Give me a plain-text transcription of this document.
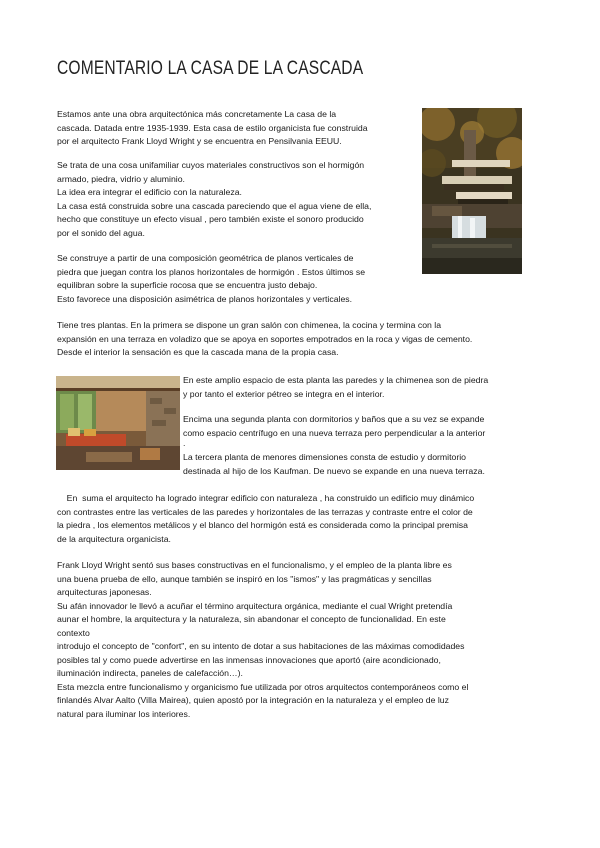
COMENTARIO LA CASA DE LA CASCADA
Estamos ante una obra arquitectónica más concretamente La casa de la
cascada. Datada entre 1935-1939. Esta casa de estilo organicista fue construida
por el arquitecto Frank Lloyd Wright y se encuentra en Pensilvania EEUU.
Se trata de una cosa unifamiliar cuyos materiales constructivos son el hormigón
armado, piedra, vidrio y aluminio.
La idea era integrar el edificio con la naturaleza.
La casa está construida sobre una cascada pareciendo que el agua viene de ella,
hecho que constituye un efecto visual , pero también existe el sonoro producido
por el sonido del agua.
Se construye a partir de una composición geométrica de planos verticales de
piedra que juegan contra los planos horizontales de hormigón . Estos últimos se
equilibran sobre la superficie rocosa que se encuentra justo debajo.
Esto favorece una disposición asimétrica de planos horizontales y verticales.
Tiene tres plantas. En la primera se dispone un gran salón con chimenea, la cocina y termina con la
expansión en una terraza en voladizo que se apoya en soportes empotrados en la roca y vigas de cemento.
Desde el interior la sensación es que la cascada mana de la propia casa.
En este amplio espacio de esta planta las paredes y la chimenea son de piedra
y por tanto el exterior pétreo se integra en el interior.
Encima una segunda planta con dormitorios y baños que a su vez se expande
como espacio centrífugo en una nueva terraza pero perpendicular a la anterior
.
La tercera planta de menores dimensiones consta de estudio y dormitorio
destinada al hijo de los Kaufman. De nuevo se expande en una nueva terraza.
En  suma el arquitecto ha logrado integrar edificio con naturaleza , ha construido un edificio muy dinámico
con contrastes entre las verticales de las paredes y horizontales de las terrazas y contraste entre el color de
la piedra , los elementos metálicos y el blanco del hormigón está es considerada como la principal premisa
de la arquitectura organicista.
Frank Lloyd Wright sentó sus bases constructivas en el funcionalismo, y el empleo de la planta libre es
una buena prueba de ello, aunque también se inspiró en los "ismos" y las pragmáticas y sencillas
arquitecturas japonesas.
Su afán innovador le llevó a acuñar el término arquitectura orgánica, mediante el cual Wright pretendía
aunar el hombre, la arquitectura y la naturaleza, sin abandonar el concepto de funcionalidad. En este
contexto
introdujo el concepto de "confort", en su intento de dotar a sus habitaciones de las máximas comodidades
posibles tal y como puede advertirse en las inmensas innovaciones que aportó (aire acondicionado,
iluminación indirecta, paneles de calefacción…).
Esta mezcla entre funcionalismo y organicismo fue utilizada por otros arquitectos contemporáneos como el
finlandés Alvar Aalto (Villa Mairea), quien apostó por la integración en la naturaleza y el empleo de luz
natural para iluminar los interiores.
